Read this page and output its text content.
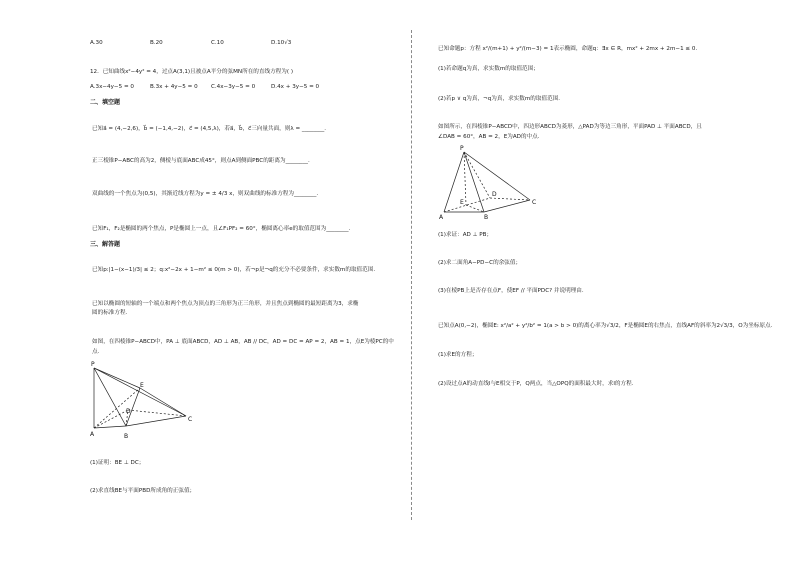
A.30	B.20	C.10	D.10√3
12．已知曲线x²−4y² = 4，过点A(3,1)且被点A平分的弦MN所在的直线方程为( )
A.3x−4y−5 = 0	B.3x + 4y−5 = 0 C.4x−3y−5 = 0	D.4x + 3y−5 = 0
二、填空题
已知a⃗ = (4,−2,6)，b⃗ = (−1,4,−2)，c⃗ = (4,5,λ)，若a⃗，b⃗，c⃗三向量共面，则λ = ________.
正三棱锥P−ABC的高为2，侧棱与底面ABC成45°，则点A到侧面PBC的距离为________.
双曲线的一个焦点为(0,5)，其渐近线方程为y = ± 4/3 x，则双曲线的标准方程为________.
已知F₁，F₂是椭圆的两个焦点，P是椭圆上一点，且∠F₁PF₂ = 60°，椭圆离心率e的取值范围为________.
三、解答题
已知p:|1−(x−1)/3| ≤ 2；q:x²−2x + 1−m² ≤ 0(m > 0)，若¬p是¬q的充分不必要条件，求实数m的取值范围.
已知以椭圆的短轴的一个端点和两个焦点为顶点的三角形为正三角形，并且焦点到椭圆的最短距离为3，求椭
圆的标准方程.
如图，在四棱锥P−ABCD中，PA ⊥ 底面ABCD，AD ⊥ AB，AB // DC，AD = DC = AP = 2，AB = 1，点E为棱PC的中
点.
P
E
D
C
A	B
(1)证明：BE ⊥ DC；
(2)求直线BE与平面PBD所成角的正弦值；
已知命题p：方程 x²/(m+1) + y²/(m−3) = 1表示椭圆，命题q：∃x ∈ R，mx² + 2mx + 2m−1 ≤ 0.
(1)若命题q为真，求实数m的取值范围；
(2)若p ∨ q为真，¬q为真，求实数m的取值范围.
如图所示，在四棱锥P−ABCD中，四边形ABCD为菱形，△PAD为等边三角形，平面PAD ⊥ 平面ABCD，且
∠DAB = 60°，AB = 2，E为AD的中点.
P
D
E	C
A	B
(1)求证：AD ⊥ PB；
(2)求二面角A−PD−C的余弦值；
(3)在棱PB上是否存在点F，使EF // 平面PDC? 并说明理由.
已知点A(0,−2)，椭圆E: x²/a² + y²/b² = 1(a > b > 0)的离心率为√3/2，F是椭圆E的右焦点，直线AF的斜率为2√3/3，O为坐标原点.
(1)求E的方程；
(2)设过点A的动直线l与E相交于P，Q两点，当△OPQ的面积最大时，求l的方程.
